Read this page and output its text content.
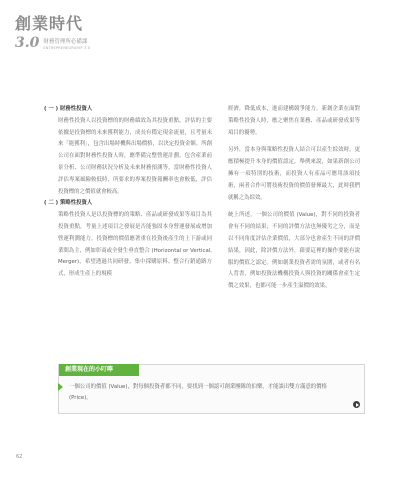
創業時代
3.0 財務管理所必備課
ENTREPRENEURSHIP 3.0

( 一 ) 財務性投資人

財務性投資人以投資標的的財務績效為其投資重點，評估的主要依據是投資標的未來獲利能力，成長有穩定現金流量，且考量未來「能獲利」，包含出場時機與出場價格，以決定投資金額。所創公司在面對財務性投資人時，應準備完整營運計劃，包含產業前景分析、公司財務狀況分析及未來財務預測等，當財務性投資人評估專案風險較低時，所要求的專案投資報酬率也會較低，評估投資標的之價值就會較高。

( 二 ) 策略性投資人

策略性投資人是以投資標的的策略、產品或研發成果等項目為其投資重點，考量上述項目之發展是否能強固本身營運發展或增加營運利潤能力。投資標的價值應著重在投資後產生的上下游或同業間為主，例如彰商或全發生垂直整合 (Horizontal or Vertical, Merger)，希望透過共同研發、集中採購原料、整合行銷通路方式，形成生產上的規模

經濟，降低成本，進而建構競爭能力。新創企業在面對策略性投資人時，應之聚焦在業務、產品或研發成果等項目的優勢。

另外，當本身與策略性投資人結合可以產生綜效時，更應積極提升本身的價值認定，舉例來說，如果新創公司擁有一項特別的技術，而投資人有產品可應用該項技術，兩者合作可將技術投資的價值發揮最大，此時我們就稱之為綜效。

統上所述，一個公司的價值 (Value)，對不同的投資者會有不同的結果；不同的評價方法也無優劣之分，而是以不同角度評估企業價值，大部分也會產生不同的評價結果，因此，除評價方法外，藉要這裡的操作要能有說服的價值之認定。例如創業投資者需的氛圍，或者有名人背書，例如投資法機構投資人與投資的關係會產生定價之效果，也都可能一步產生溢價的效果。

創業現在的小叮嚀
一個公司的價值 (Value)，對每個投資者都不同，要找到一個認可創業團隊的伯樂，才能談出雙方滿意的價格 (Price)。
62
